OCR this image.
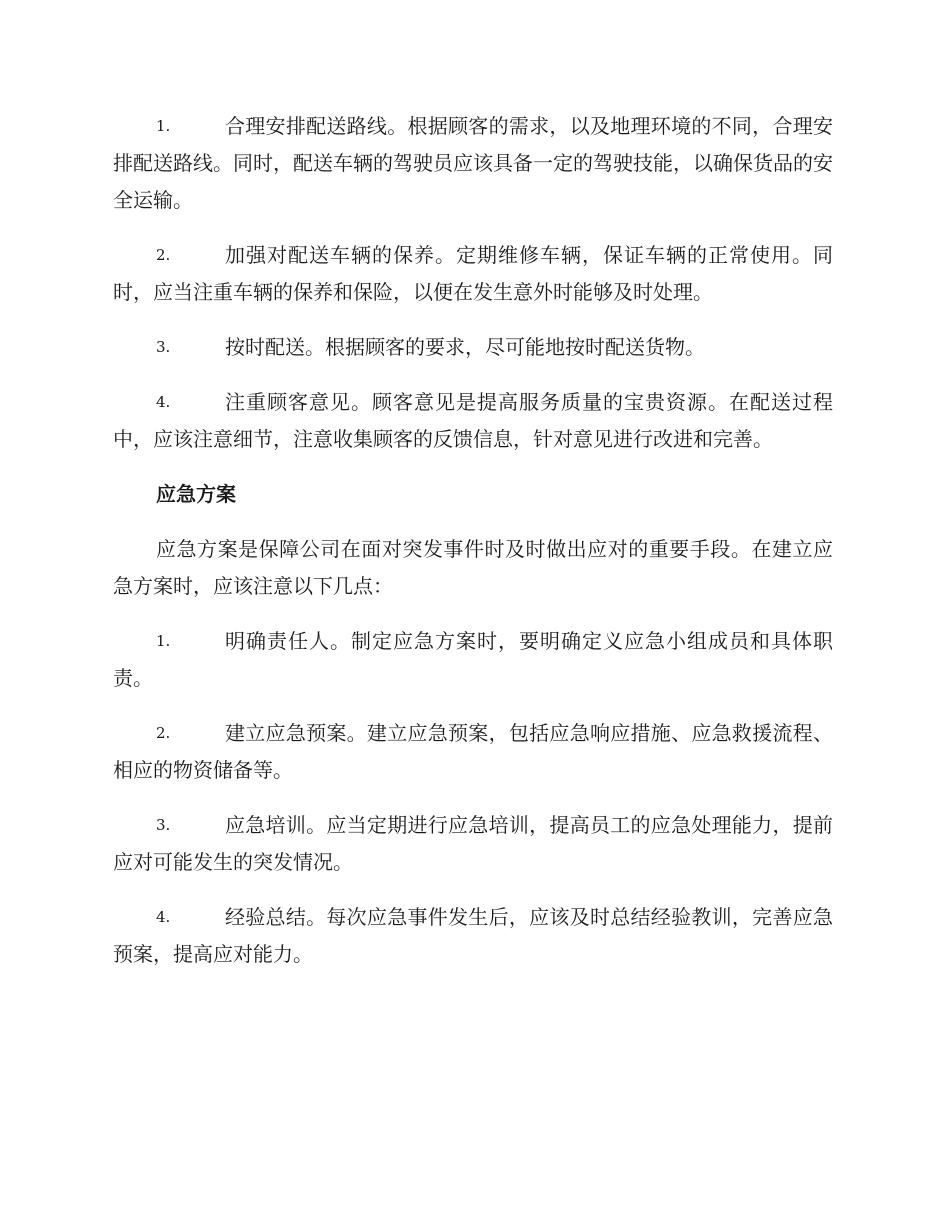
1.	合理安排配送路线。根据顾客的需求，以及地理环境的不同，合理安排配送路线。同时，配送车辆的驾驶员应该具备一定的驾驶技能，以确保货品的安全运输。
2.	加强对配送车辆的保养。定期维修车辆，保证车辆的正常使用。同时，应当注重车辆的保养和保险，以便在发生意外时能够及时处理。
3.	按时配送。根据顾客的要求，尽可能地按时配送货物。
4.	注重顾客意见。顾客意见是提高服务质量的宝贵资源。在配送过程中，应该注意细节，注意收集顾客的反馈信息，针对意见进行改进和完善。
应急方案
应急方案是保障公司在面对突发事件时及时做出应对的重要手段。在建立应急方案时，应该注意以下几点：
1.	明确责任人。制定应急方案时，要明确定义应急小组成员和具体职责。
2.	建立应急预案。建立应急预案，包括应急响应措施、应急救援流程、相应的物资储备等。
3.	应急培训。应当定期进行应急培训，提高员工的应急处理能力，提前应对可能发生的突发情况。
4.	经验总结。每次应急事件发生后，应该及时总结经验教训，完善应急预案，提高应对能力。
